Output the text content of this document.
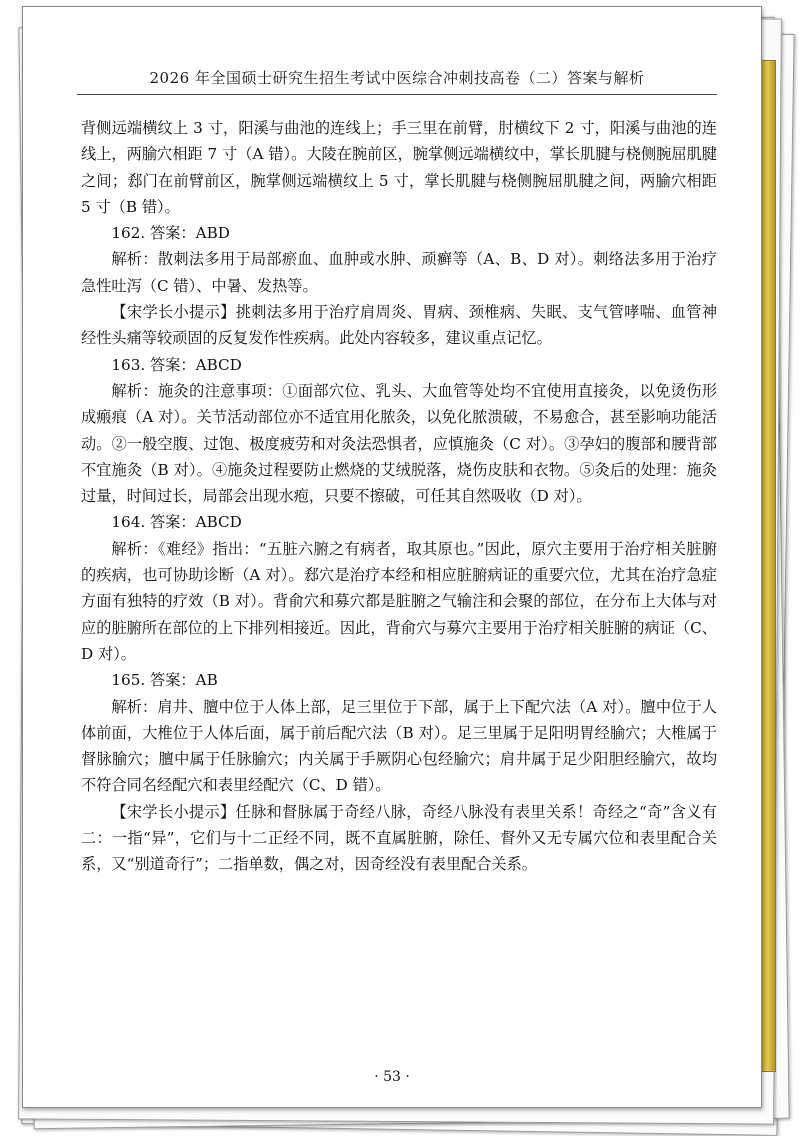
2026 年全国硕士研究生招生考试中医综合冲刺技高卷（二）答案与解析

背侧远端横纹上 3 寸，阳溪与曲池的连线上；手三里在前臂，肘横纹下 2 寸，阳溪与曲池的连线上，两腧穴相距 7 寸（A 错）。大陵在腕前区，腕掌侧远端横纹中，掌长肌腱与桡侧腕屈肌腱之间；郄门在前臂前区，腕掌侧远端横纹上 5 寸，掌长肌腱与桡侧腕屈肌腱之间，两腧穴相距 5 寸（B 错）。

162. 答案：ABD

解析：散刺法多用于局部瘀血、血肿或水肿、顽癣等（A、B、D 对）。刺络法多用于治疗急性吐泻（C 错）、中暑、发热等。

【宋学长小提示】挑刺法多用于治疗肩周炎、胃病、颈椎病、失眠、支气管哮喘、血管神经性头痛等较顽固的反复发作性疾病。此处内容较多，建议重点记忆。

163. 答案：ABCD

解析：施灸的注意事项：①面部穴位、乳头、大血管等处均不宜使用直接灸，以免烫伤形成瘢痕（A 对）。关节活动部位亦不适宜用化脓灸，以免化脓溃破，不易愈合，甚至影响功能活动。②一般空腹、过饱、极度疲劳和对灸法恐惧者，应慎施灸（C 对）。③孕妇的腹部和腰背部不宜施灸（B 对）。④施灸过程要防止燃烧的艾绒脱落，烧伤皮肤和衣物。⑤灸后的处理：施灸过量，时间过长，局部会出现水疱，只要不擦破，可任其自然吸收（D 对）。

164. 答案：ABCD

解析：《难经》指出：“五脏六腑之有病者，取其原也。”因此，原穴主要用于治疗相关脏腑的疾病，也可协助诊断（A 对）。郄穴是治疗本经和相应脏腑病证的重要穴位，尤其在治疗急症方面有独特的疗效（B 对）。背俞穴和募穴都是脏腑之气输注和会聚的部位，在分布上大体与对应的脏腑所在部位的上下排列相接近。因此，背俞穴与募穴主要用于治疗相关脏腑的病证（C、D 对）。

165. 答案：AB

解析：肩井、膻中位于人体上部，足三里位于下部，属于上下配穴法（A 对）。膻中位于人体前面，大椎位于人体后面，属于前后配穴法（B 对）。足三里属于足阳明胃经腧穴；大椎属于督脉腧穴；膻中属于任脉腧穴；内关属于手厥阴心包经腧穴；肩井属于足少阳胆经腧穴，故均不符合同名经配穴和表里经配穴（C、D 错）。

【宋学长小提示】任脉和督脉属于奇经八脉，奇经八脉没有表里关系！奇经之“奇”含义有二：一指“异”，它们与十二正经不同，既不直属脏腑，除任、督外又无专属穴位和表里配合关系，又“别道奇行”；二指单数，偶之对，因奇经没有表里配合关系。

· 53 ·
